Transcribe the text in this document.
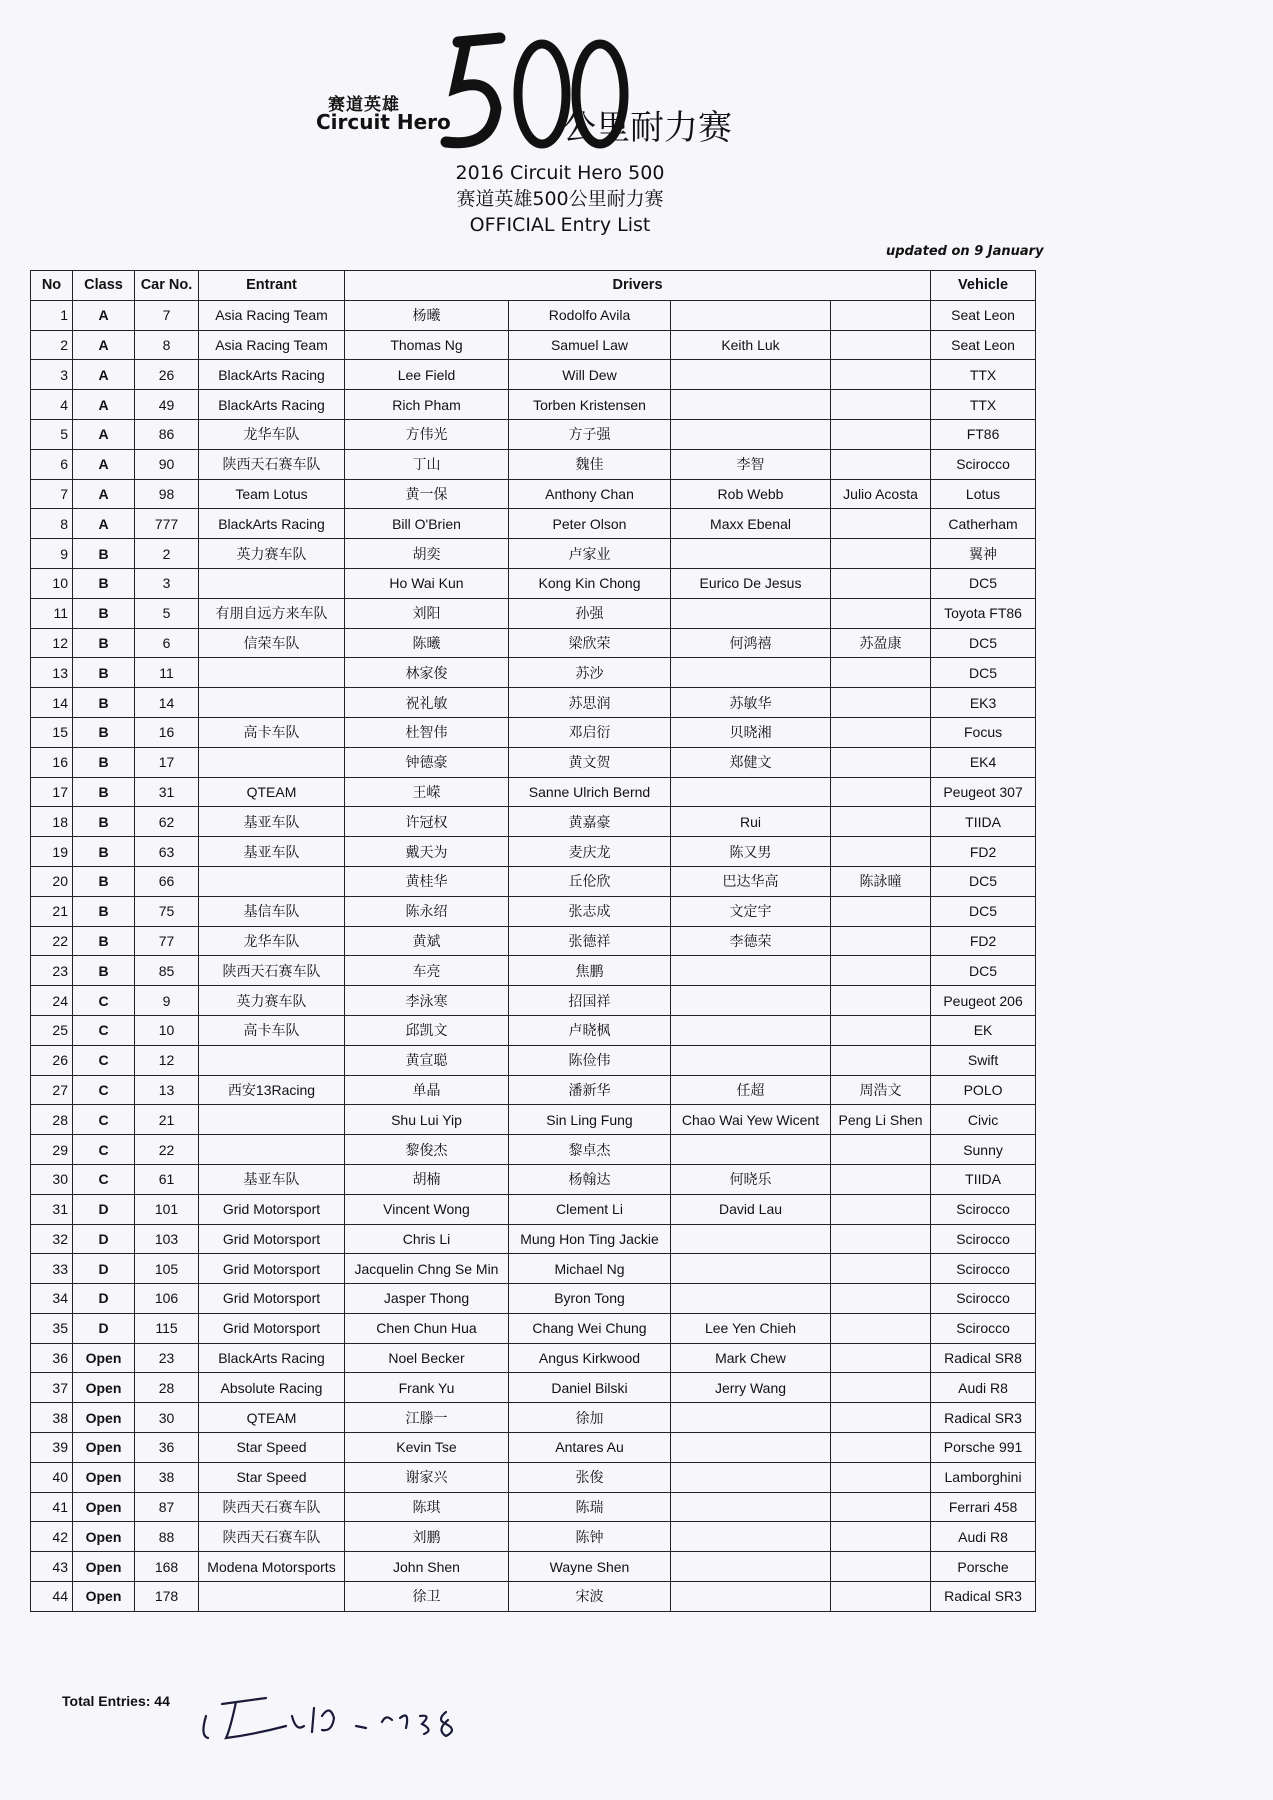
赛道英雄
Circuit Hero	公里耐力赛
2016 Circuit Hero 500
赛道英雄500公里耐力赛
OFFICIAL Entry List
updated on 9 January
No	Class	Car No.	Entrant	Drivers				Vehicle
1	A	7	Asia Racing Team	杨曦	Rodolfo Avila			Seat Leon
2	A	8	Asia Racing Team	Thomas Ng	Samuel Law	Keith Luk		Seat Leon
3	A	26	BlackArts Racing	Lee Field	Will Dew			TTX
4	A	49	BlackArts Racing	Rich Pham	Torben Kristensen			TTX
5	A	86	龙华车队	方伟光	方子强			FT86
6	A	90	陕西天石赛车队	丁山	魏佳	李智		Scirocco
7	A	98	Team Lotus	黄一保	Anthony Chan	Rob Webb	Julio Acosta	Lotus
8	A	777	BlackArts Racing	Bill O'Brien	Peter Olson	Maxx Ebenal		Catherham
9	B	2	英力赛车队	胡奕	卢家业			翼神
10	B	3		Ho Wai Kun	Kong Kin Chong	Eurico De Jesus		DC5
11	B	5	有朋自远方来车队	刘阳	孙强			Toyota FT86
12	B	6	信荣车队	陈曦	梁欣荣	何鸿禧	苏盈康	DC5
13	B	11		林家俊	苏沙			DC5
14	B	14		祝礼敏	苏思润	苏敏华		EK3
15	B	16	高卡车队	杜智伟	邓启衍	贝晓湘		Focus
16	B	17		钟德豪	黄文贺	郑健文		EK4
17	B	31	QTEAM	王嵘	Sanne Ulrich Bernd			Peugeot 307
18	B	62	基亚车队	许冠权	黄嘉豪	Rui		TIIDA
19	B	63	基亚车队	戴天为	麦庆龙	陈又男		FD2
20	B	66		黄桂华	丘伦欣	巴达华高	陈詠曈	DC5
21	B	75	基信车队	陈永绍	张志成	文定宇		DC5
22	B	77	龙华车队	黄斌	张德祥	李德荣		FD2
23	B	85	陕西天石赛车队	车亮	焦鹏			DC5
24	C	9	英力赛车队	李泳寒	招国祥			Peugeot 206
25	C	10	高卡车队	邱凯文	卢晓枫			EK
26	C	12		黄宣聪	陈俭伟			Swift
27	C	13	西安13Racing	单晶	潘新华	任超	周浩文	POLO
28	C	21		Shu Lui Yip	Sin Ling Fung	Chao Wai Yew Wicent	Peng Li Shen	Civic
29	C	22		黎俊杰	黎卓杰			Sunny
30	C	61	基亚车队	胡楠	杨翰达	何晓乐		TIIDA
31	D	101	Grid Motorsport	Vincent Wong	Clement Li	David Lau		Scirocco
32	D	103	Grid Motorsport	Chris Li	Mung Hon Ting Jackie			Scirocco
33	D	105	Grid Motorsport	Jacquelin Chng Se Min	Michael Ng			Scirocco
34	D	106	Grid Motorsport	Jasper Thong	Byron Tong			Scirocco
35	D	115	Grid Motorsport	Chen Chun Hua	Chang Wei Chung	Lee Yen Chieh		Scirocco
36	Open	23	BlackArts Racing	Noel Becker	Angus Kirkwood	Mark Chew		Radical SR8
37	Open	28	Absolute Racing	Frank Yu	Daniel Bilski	Jerry Wang		Audi R8
38	Open	30	QTEAM	江滕一	徐加			Radical SR3
39	Open	36	Star Speed	Kevin Tse	Antares Au			Porsche 991
40	Open	38	Star Speed	谢家兴	张俊			Lamborghini
41	Open	87	陕西天石赛车队	陈琪	陈瑞			Ferrari 458
42	Open	88	陕西天石赛车队	刘鹏	陈钟			Audi R8
43	Open	168	Modena Motorsports	John Shen	Wayne Shen			Porsche
44	Open	178		徐卫	宋波			Radical SR3
Total Entries: 44
